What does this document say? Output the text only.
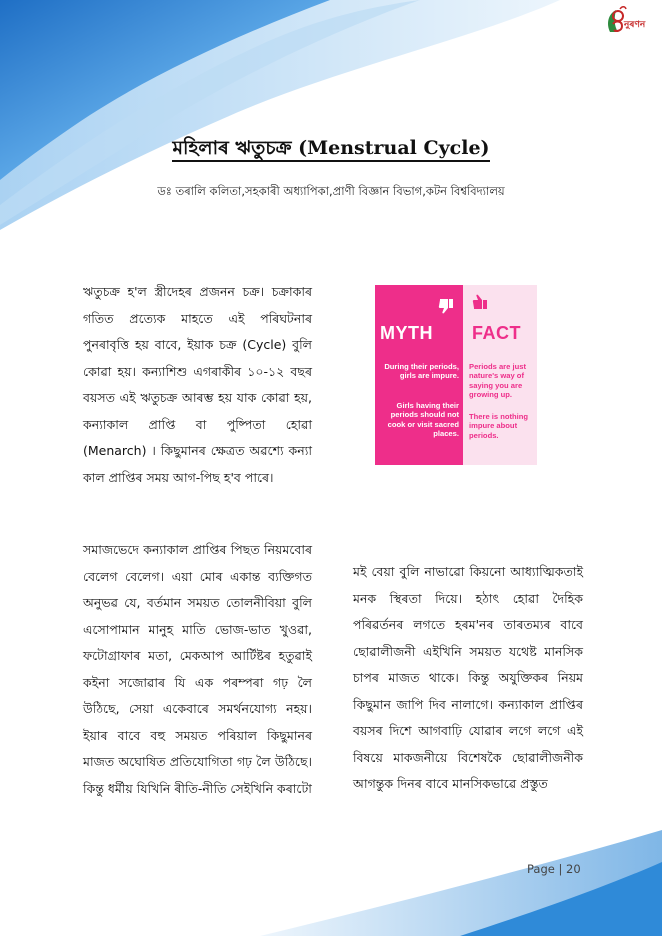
নুৰণন
মহিলাৰ ঋতুচক্ৰ (Menstrual Cycle)
ডঃ তৰালি কলিতা,সহকাৰী অধ্যাপিকা,প্ৰাণী বিজ্ঞান বিভাগ,কটন বিশ্ববিদ্যালয়
ঋতুচক্ৰ হ'ল স্ত্ৰীদেহৰ প্ৰজনন চক্ৰ। চক্ৰাকাৰ গতিত প্ৰত্যেক মাহতে এই পৰিঘটনাৰ পুনৰাবৃত্তি হয় বাবে, ইয়াক চক্ৰ (Cycle) বুলি কোৱা হয়। কন্যাশিশু এগৰাকীৰ ১০-১২ বছৰ বয়সত এই ঋতুচক্ৰ আৰম্ভ হয় যাক কোৱা হয়, কন্যাকাল প্ৰাপ্তি বা পুষ্পিতা হোৱা (Menarch) । কিছুমানৰ ক্ষেত্ৰত অৱশ্যে কন্যা কাল প্ৰাপ্তিৰ সময় আগ-পিছ হ'ব পাৰে।
সমাজভেদে কন্যাকাল প্ৰাপ্তিৰ পিছত নিয়মবোৰ বেলেগ বেলেগ। এয়া মোৰ একান্ত ব্যক্তিগত অনুভৱ যে, বৰ্তমান সময়ত তোলনীবিয়া বুলি এসোপামান মানুহ মাতি ভোজ-ভাত খুওৱা, ফটোগ্ৰাফাৰ মতা, মেকআপ আৰ্টিষ্টৰ হতুৱাই কইনা সজোৱাৰ যি এক পৰম্পৰা গঢ় লৈ উঠিছে, সেয়া একেবাৰে সমৰ্থনযোগ্য নহয়। ইয়াৰ বাবে বহু সময়ত পৰিয়াল কিছুমানৰ মাজত অঘোষিত প্ৰতিযোগিতা গঢ় লৈ উঠিছে। কিন্তু ধৰ্মীয় যিখিনি ৰীতি-নীতি সেইখিনি কৰাটো
মই বেয়া বুলি নাভাৱো কিয়নো আধ্যাত্মিকতাই মনক স্থিৰতা দিয়ে। হঠাৎ হোৱা দৈহিক পৰিৱৰ্তনৰ লগতে হৰম'নৰ তাৰতম্যৰ বাবে ছোৱালীজনী এইখিনি সময়ত যথেষ্ট মানসিক চাপৰ মাজত থাকে। কিন্তু অযুক্তিকৰ নিয়ম কিছুমান জাপি দিব নালাগে। কন্যাকাল প্ৰাপ্তিৰ বয়সৰ দিশে আগবাঢ়ি যোৱাৰ লগে লগে এই বিষয়ে মাকজনীয়ে বিশেষকৈ ছোৱালীজনীক আগন্তুক দিনৰ বাবে মানসিকভাৱে প্ৰস্তুত
MYTH FACT
During their periods, girls are impure.
Girls having their periods should not cook or visit sacred places.
Periods are just nature's way of saying you are growing up.
There is nothing impure about periods.
Page | 20
